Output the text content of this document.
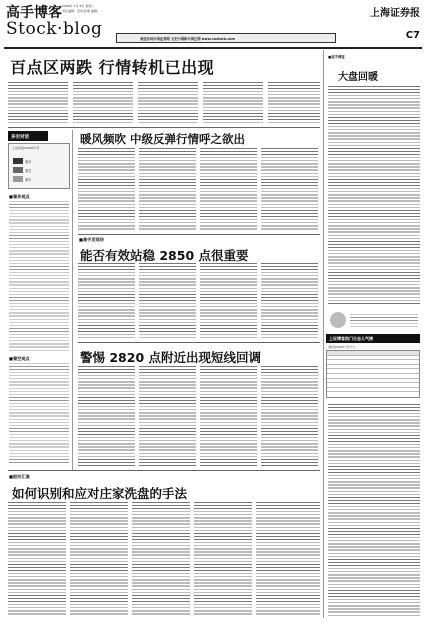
高手博客 2008年 7月 8日 星期二
责任编辑：宏伟/张维 编辑：...
Stock·blog
上海证券报
C7
欢迎访问中国证券网 文史中国和中国正网 www.cnstock.com
百点区两跌 行情转机已出现
多空对话
上证综指2008年7月
看多
看空
看平
■看多观点
■看空观点
暖风频吹 中级反弹行情呼之欲出
■高手发现场
能否有效站稳 2850 点很重要
警惕 2820 点附近出现短线回调
■股民汇演
如何识别和应对庄家洗盘的手法
■高手博客
大盘回暖
上证博客热门日志人气榜
(截至2008年7月7日)
